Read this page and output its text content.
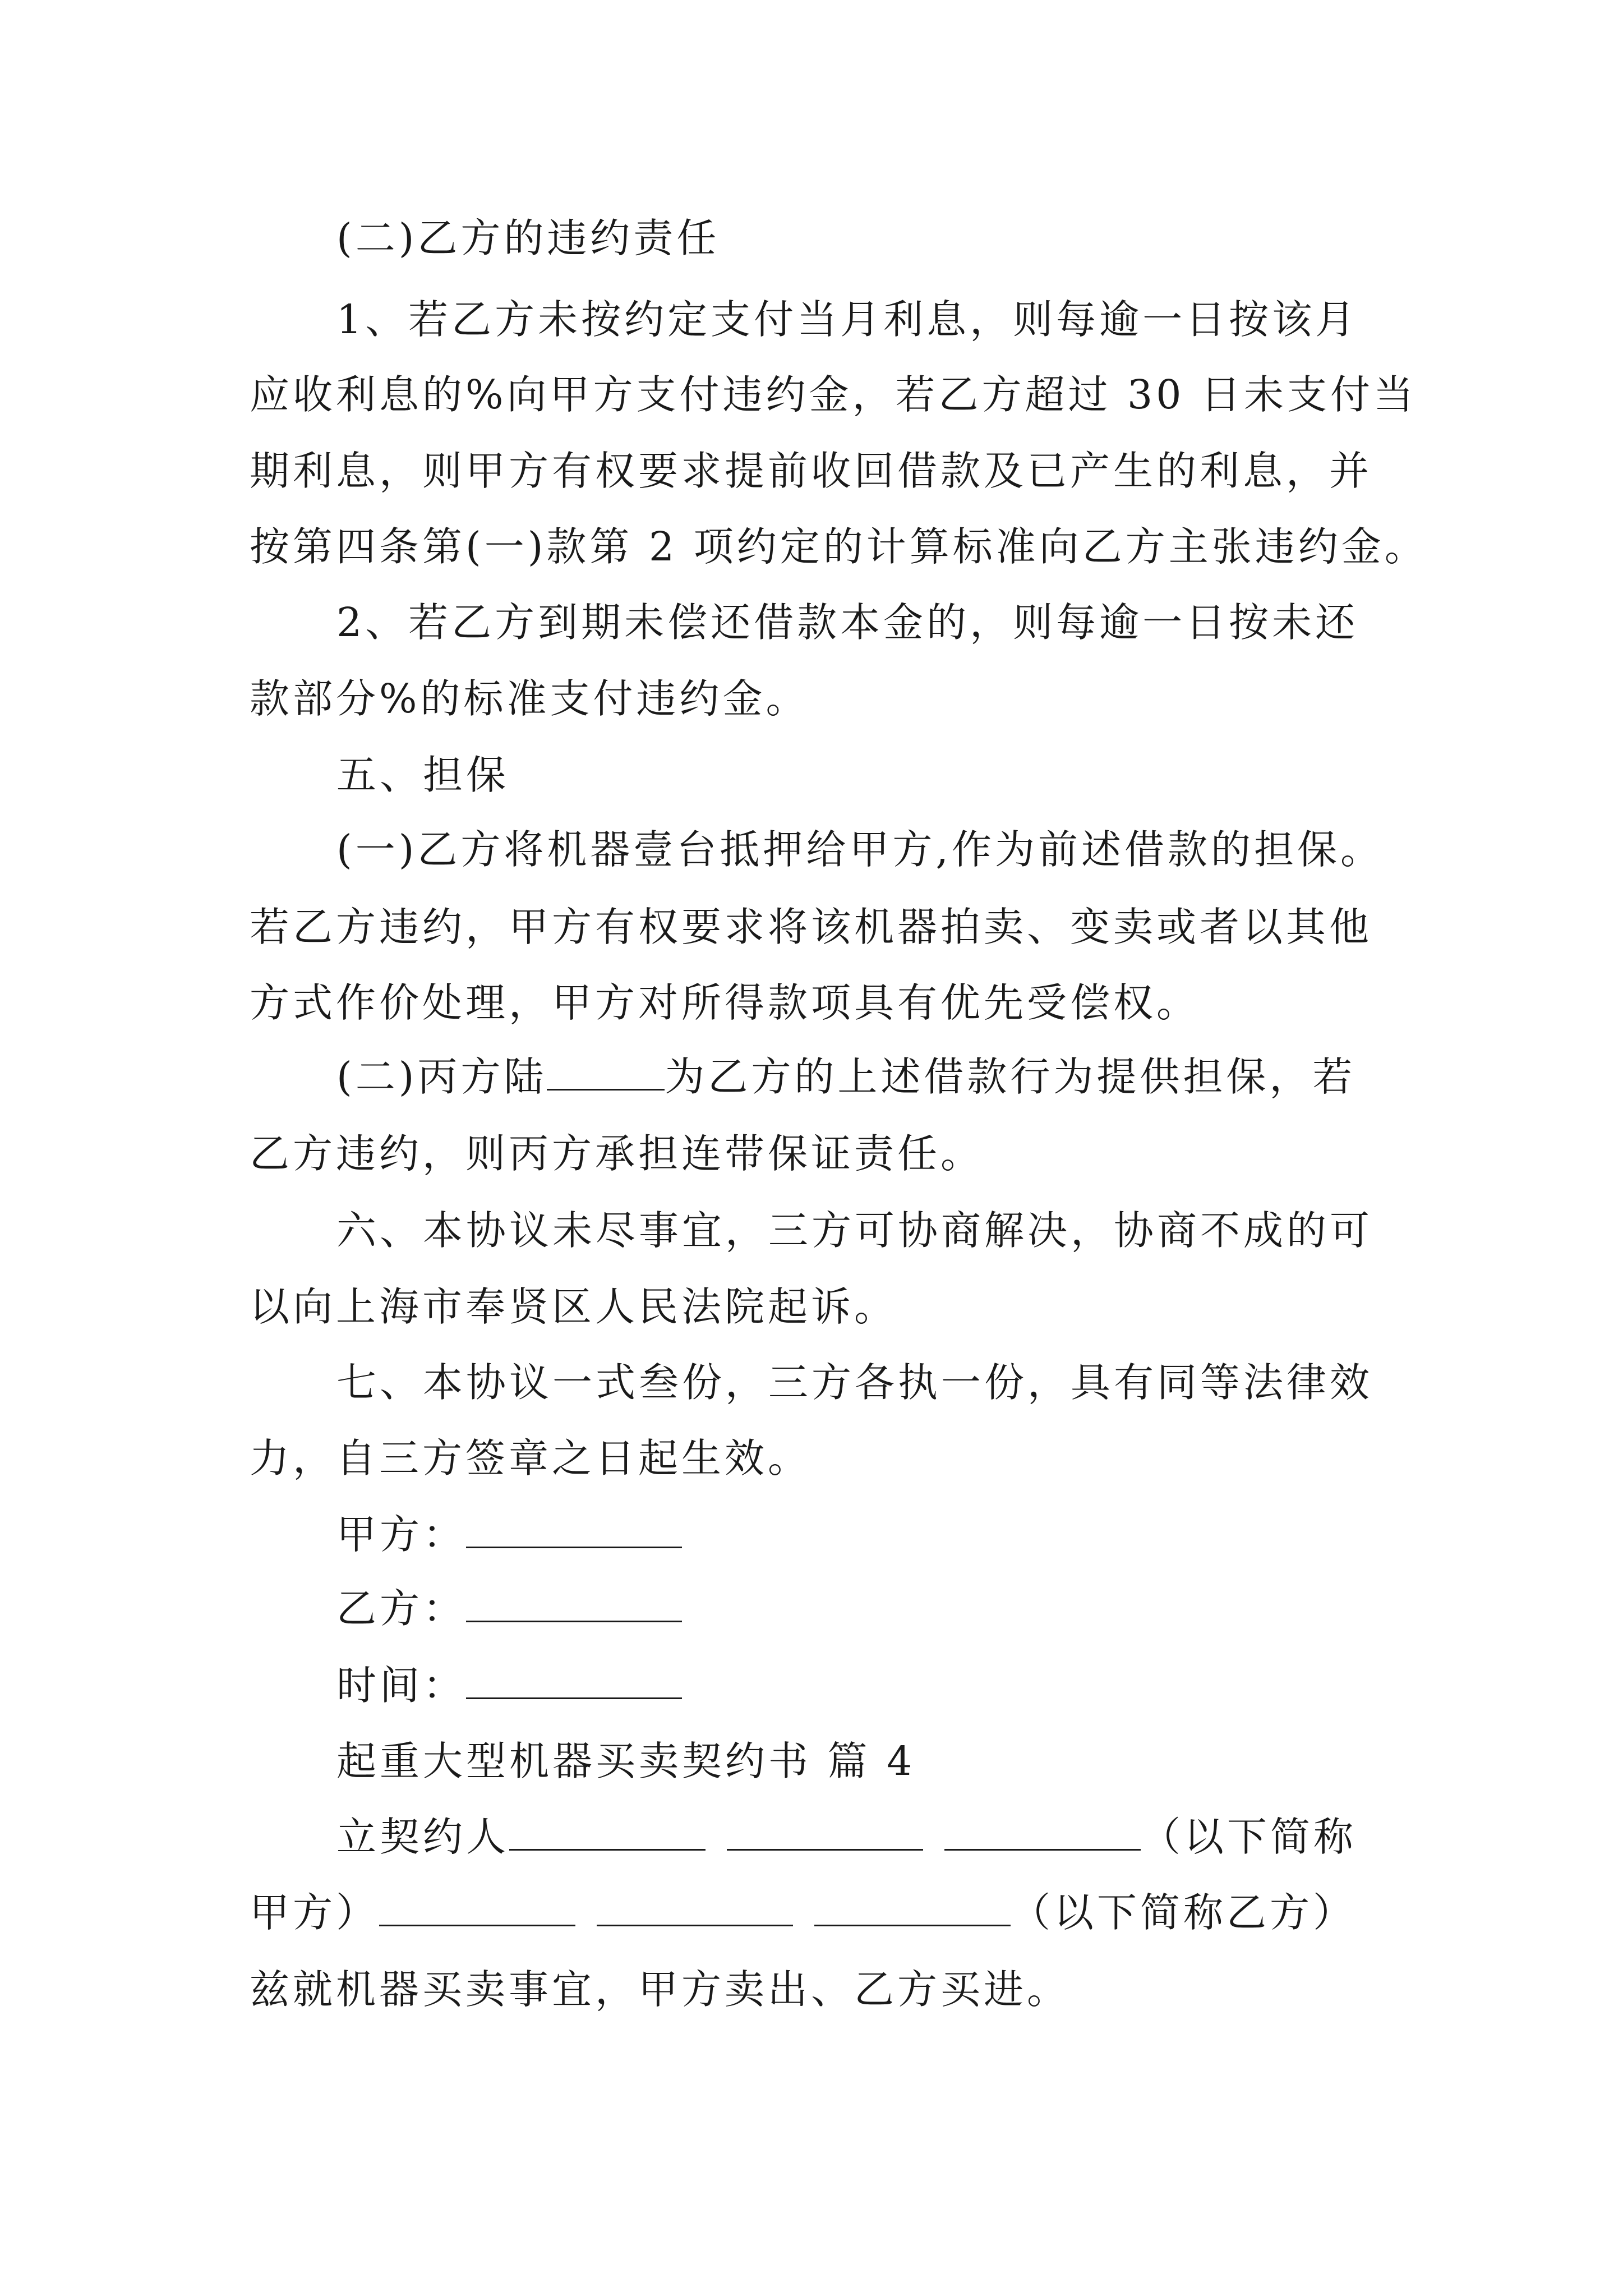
(二)乙方的违约责任
1、若乙方未按约定支付当月利息，则每逾一日按该月
应收利息的%向甲方支付违约金，若乙方超过 30 日未支付当
期利息，则甲方有权要求提前收回借款及已产生的利息，并
按第四条第(一)款第 2 项约定的计算标准向乙方主张违约金。
2、若乙方到期未偿还借款本金的，则每逾一日按未还
款部分%的标准支付违约金。
五、担保
(一)乙方将机器壹台抵押给甲方,作为前述借款的担保。
若乙方违约，甲方有权要求将该机器拍卖、变卖或者以其他
方式作价处理，甲方对所得款项具有优先受偿权。
(二)丙方陆	为乙方的上述借款行为提供担保，若
乙方违约，则丙方承担连带保证责任。
六、本协议未尽事宜，三方可协商解决，协商不成的可
以向上海市奉贤区人民法院起诉。
七、本协议一式叁份，三方各执一份，具有同等法律效
力，自三方签章之日起生效。
甲方：
乙方：
时间：
起重大型机器买卖契约书 篇 4
立契约人	（以下简称
甲方）	（以下简称乙方）
兹就机器买卖事宜，甲方卖出、乙方买进。
